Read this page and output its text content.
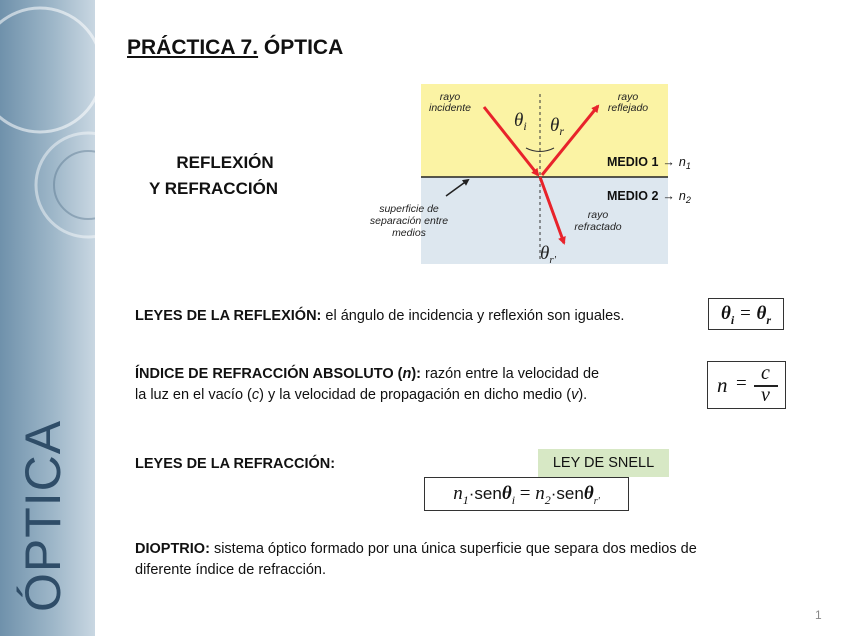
ÓPTICA
PRÁCTICA 7. ÓPTICA
REFLEXIÓN
Y REFRACCIÓN
rayo
incidente
rayo
reflejado
rayo
refractado
superficie de
separación entre
medios
$\theta_i$ $\theta_r$
$\theta_{r'}$
MEDIO $1 \to n_1$
MEDIO $2 \to n_2$
LEYES DE LA REFLEXIÓN: el ángulo de incidencia y reflexión son iguales.	$\theta_i = \theta_r$
ÍNDICE DE REFRACCIÓN ABSOLUTO (n): razón entre la velocidad de
la luz en el vacío (c) y la velocidad de propagación en dicho medio (v).	n = c
v
LEYES DE LA REFRACCIÓN:	LEY DE SNELL
$n_1\cdot sen\theta_i = n_2\cdot sen\theta_{r'}$
DIOPTRIO: sistema óptico formado por una única superficie que separa dos medios de
diferente índice de refracción.
1
